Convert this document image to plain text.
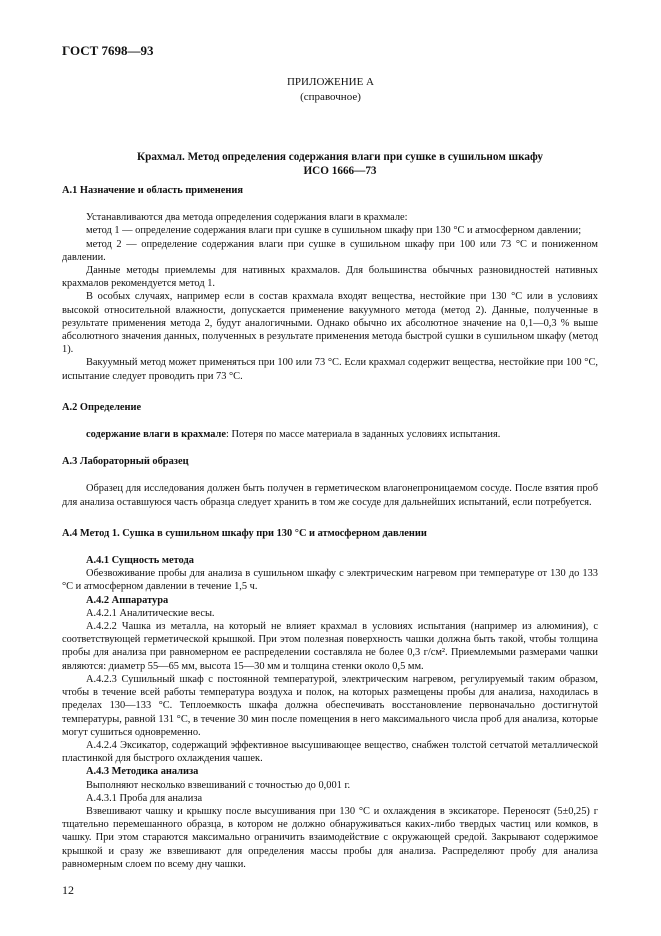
ГОСТ 7698—93
ПРИЛОЖЕНИЕ А
(справочное)
Крахмал. Метод определения содержания влаги при сушке в сушильном шкафу
ИСО 1666—73
А.1 Назначение и область применения

Устанавливаются два метода определения содержания влаги в крахмале:

метод 1 — определение содержания влаги при сушке в сушильном шкафу при 130 °С и атмосферном давлении;

метод 2 — определение содержания влаги при сушке в сушильном шкафу при 100 или 73 °С и пониженном давлении.

Данные методы приемлемы для нативных крахмалов. Для большинства обычных разновидностей нативных крахмалов рекомендуется метод 1.

В особых случаях, например если в состав крахмала входят вещества, нестойкие при 130 °С или в условиях высокой относительной влажности, допускается применение вакуумного метода (метод 2). Данные, полученные в результате применения метода 2, будут аналогичными. Однако обычно их абсолютное значение на 0,1—0,3 % выше абсолютного значения данных, полученных в результате применения метода быстрой сушки в сушильном шкафу (метод 1).

Вакуумный метод может применяться при 100 или 73 °С. Если крахмал содержит вещества, нестойкие при 100 °С, испытание следует проводить при 73 °С.

А.2 Определение

содержание влаги в крахмале: Потеря по массе материала в заданных условиях испытания.

А.3 Лабораторный образец

Образец для исследования должен быть получен в герметическом влагонепроницаемом сосуде. После взятия проб для анализа оставшуюся часть образца следует хранить в том же сосуде для дальнейших испытаний, если потребуется.

А.4 Метод 1. Сушка в сушильном шкафу при 130 °С и атмосферном давлении

А.4.1 Сущность метода

Обезвоживание пробы для анализа в сушильном шкафу с электрическим нагревом при температуре от 130 до 133 °С и атмосферном давлении в течение 1,5 ч.

А.4.2 Аппаратура

А.4.2.1 Аналитические весы.

А.4.2.2 Чашка из металла, на который не влияет крахмал в условиях испытания (например из алюминия), с соответствующей герметической крышкой. При этом полезная поверхность чашки должна быть такой, чтобы толщина пробы для анализа при равномерном ее распределении составляла не более 0,3 г/см². Приемлемыми размерами чашки являются: диаметр 55—65 мм, высота 15—30 мм и толщина стенки около 0,5 мм.

А.4.2.3 Сушильный шкаф с постоянной температурой, электрическим нагревом, регулируемый таким образом, чтобы в течение всей работы температура воздуха и полок, на которых размещены пробы для анализа, находилась в пределах 130—133 °С. Теплоемкость шкафа должна обеспечивать восстановление первоначально достигнутой температуры, равной 131 °С, в течение 30 мин после помещения в него максимального числа проб для анализа, которые могут сушиться одновременно.

А.4.2.4 Эксикатор, содержащий эффективное высушивающее вещество, снабжен толстой сетчатой металлической пластинкой для быстрого охлаждения чашек.

А.4.3 Методика анализа

Выполняют несколько взвешиваний с точностью до 0,001 г.

А.4.3.1 Проба для анализа

Взвешивают чашку и крышку после высушивания при 130 °С и охлаждения в эксикаторе. Переносят (5±0,25) г тщательно перемешанного образца, в котором не должно обнаруживаться каких-либо твердых частиц или комков, в чашку. При этом стараются максимально ограничить взаимодействие с окружающей средой. Закрывают содержимое крышкой и сразу же взвешивают для определения массы пробы для анализа. Распределяют пробу для анализа равномерным слоем по всему дну чашки.

12
